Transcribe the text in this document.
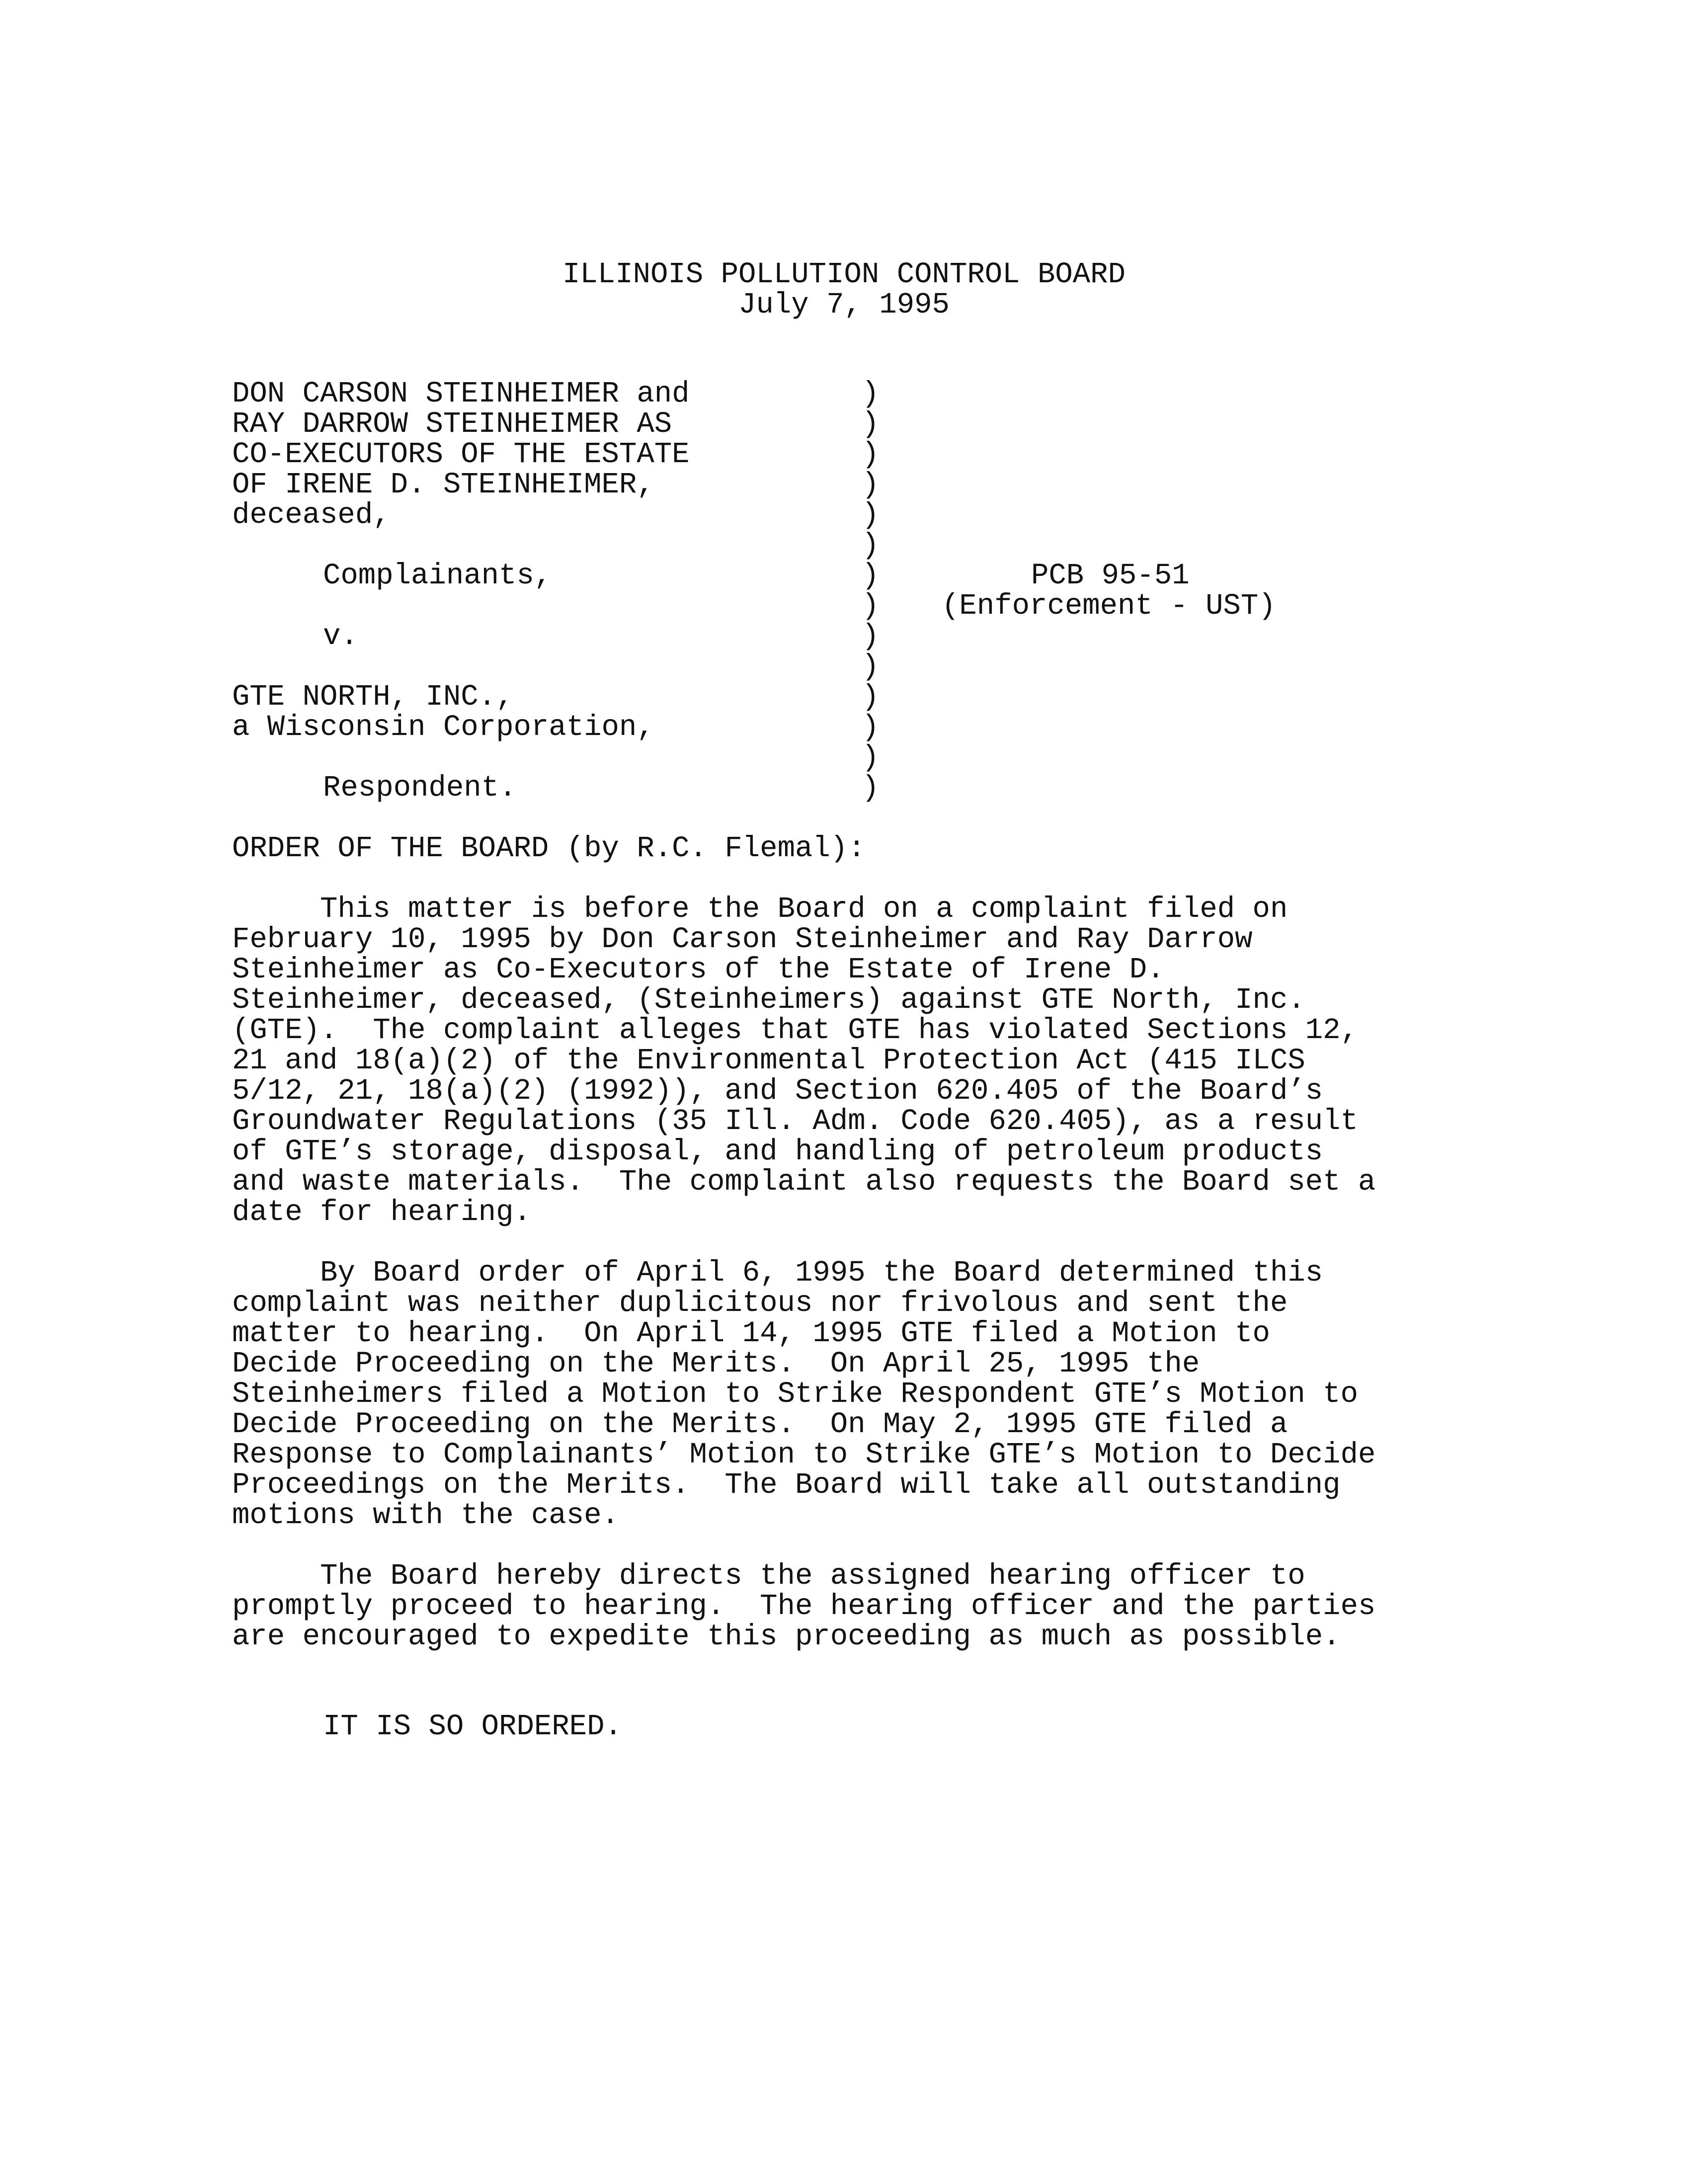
ILLINOIS POLLUTION CONTROL BOARD
July 7, 1995
DON CARSON STEINHEIMER and
RAY DARROW STEINHEIMER AS
CO-EXECUTORS OF THE ESTATE
OF IRENE D. STEINHEIMER,
deceased,
Complainants,
v.
GTE NORTH, INC.,
a Wisconsin Corporation,
Respondent.
)
)
)
)
)
)
)
)
)
)
)
)
)
)
PCB 95-51
(Enforcement - UST)
ORDER OF THE BOARD (by R.C. Flemal):
This matter is before the Board on a complaint filed on
February 10, 1995 by Don Carson Steinheimer and Ray Darrow
Steinheimer as Co-Executors of the Estate of Irene D.
Steinheimer, deceased, (Steinheimers) against GTE North, Inc.
(GTE).  The complaint alleges that GTE has violated Sections 12,
21 and 18(a)(2) of the Environmental Protection Act (415 ILCS
5/12, 21, 18(a)(2) (1992)), and Section 620.405 of the Board’s
Groundwater Regulations (35 Ill. Adm. Code 620.405), as a result
of GTE’s storage, disposal, and handling of petroleum products
and waste materials.  The complaint also requests the Board set a
date for hearing.
By Board order of April 6, 1995 the Board determined this
complaint was neither duplicitous nor frivolous and sent the
matter to hearing.  On April 14, 1995 GTE filed a Motion to
Decide Proceeding on the Merits.  On April 25, 1995 the
Steinheimers filed a Motion to Strike Respondent GTE’s Motion to
Decide Proceeding on the Merits.  On May 2, 1995 GTE filed a
Response to Complainants’ Motion to Strike GTE’s Motion to Decide
Proceedings on the Merits.  The Board will take all outstanding
motions with the case.
The Board hereby directs the assigned hearing officer to
promptly proceed to hearing.  The hearing officer and the parties
are encouraged to expedite this proceeding as much as possible.
IT IS SO ORDERED.
